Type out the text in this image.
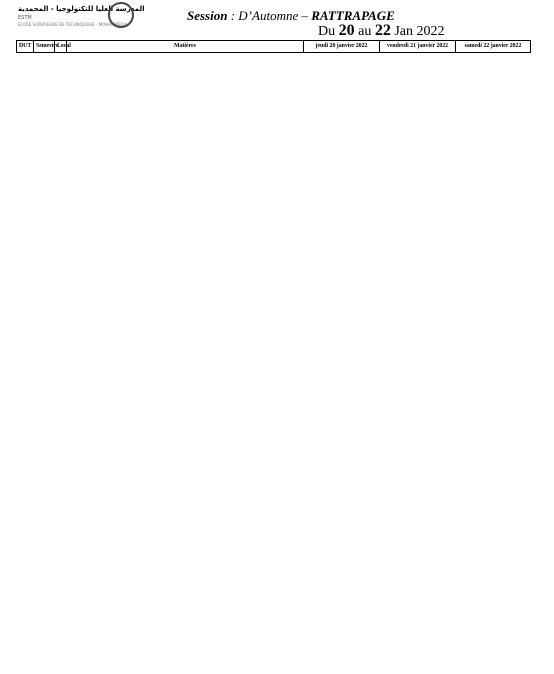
المدرسة العليا للتكنولوجيا - المحمدية
ESTM
ECOLE SUPERIEURE DE TECHNOLOGIE - MOHAMMEDIA
Session : D’Automne – RATTRAPAGE
Du 20 au 22 Jan 2022
DUT	Semestre	Local	Matières	jeudi 20 janvier 2022	vendredi 21 janvier 2022	samedi 22 janvier 2022
